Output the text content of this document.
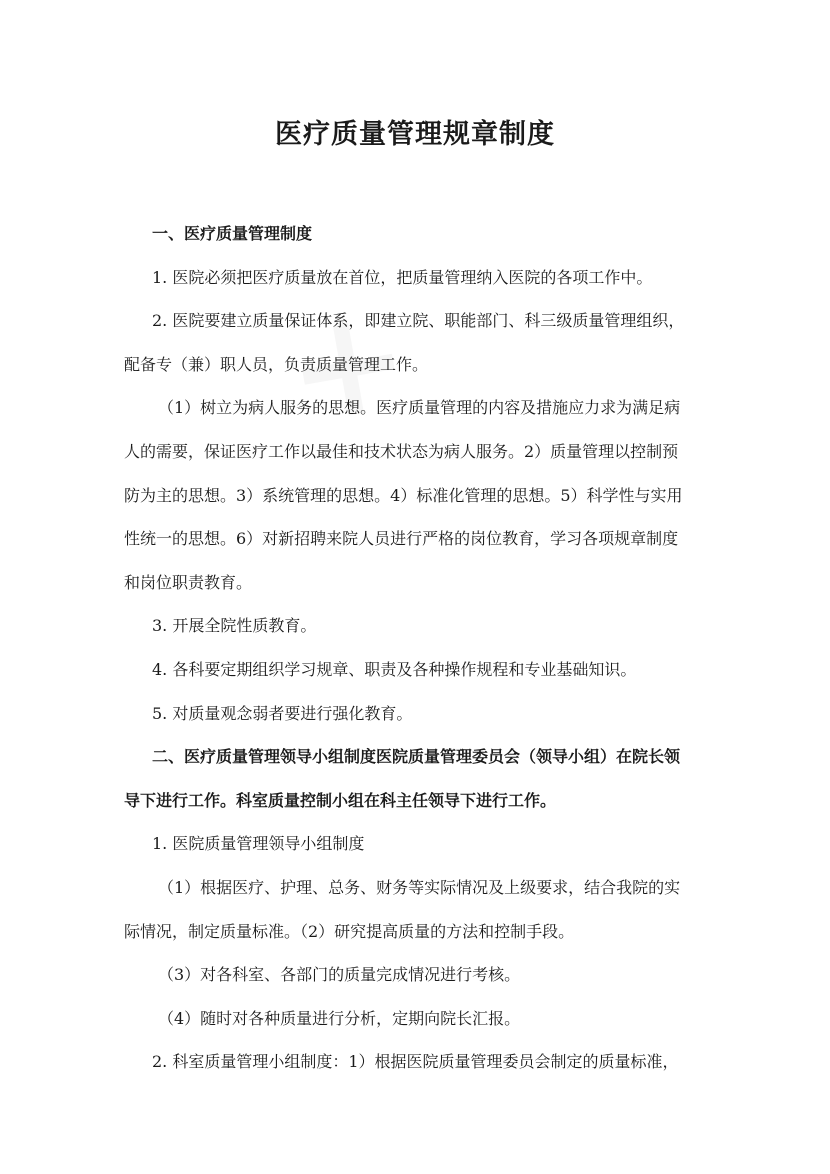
医疗质量管理规章制度
一、医疗质量管理制度
1. 医院必须把医疗质量放在首位，把质量管理纳入医院的各项工作中。
2. 医院要建立质量保证体系，即建立院、职能部门、科三级质量管理组织，
配备专（兼）职人员，负责质量管理工作。
（1）树立为病人服务的思想。医疗质量管理的内容及措施应力求为满足病
人的需要，保证医疗工作以最佳和技术状态为病人服务。2）质量管理以控制预
防为主的思想。3）系统管理的思想。4）标准化管理的思想。5）科学性与实用
性统一的思想。6）对新招聘来院人员进行严格的岗位教育，学习各项规章制度
和岗位职责教育。
3. 开展全院性质教育。
4. 各科要定期组织学习规章、职责及各种操作规程和专业基础知识。
5. 对质量观念弱者要进行强化教育。
二、医疗质量管理领导小组制度医院质量管理委员会（领导小组）在院长领
导下进行工作。科室质量控制小组在科主任领导下进行工作。
1. 医院质量管理领导小组制度
（1）根据医疗、护理、总务、财务等实际情况及上级要求，结合我院的实
际情况，制定质量标准。（2）研究提高质量的方法和控制手段。
（3）对各科室、各部门的质量完成情况进行考核。
（4）随时对各种质量进行分析，定期向院长汇报。
2. 科室质量管理小组制度：1）根据医院质量管理委员会制定的质量标准，
